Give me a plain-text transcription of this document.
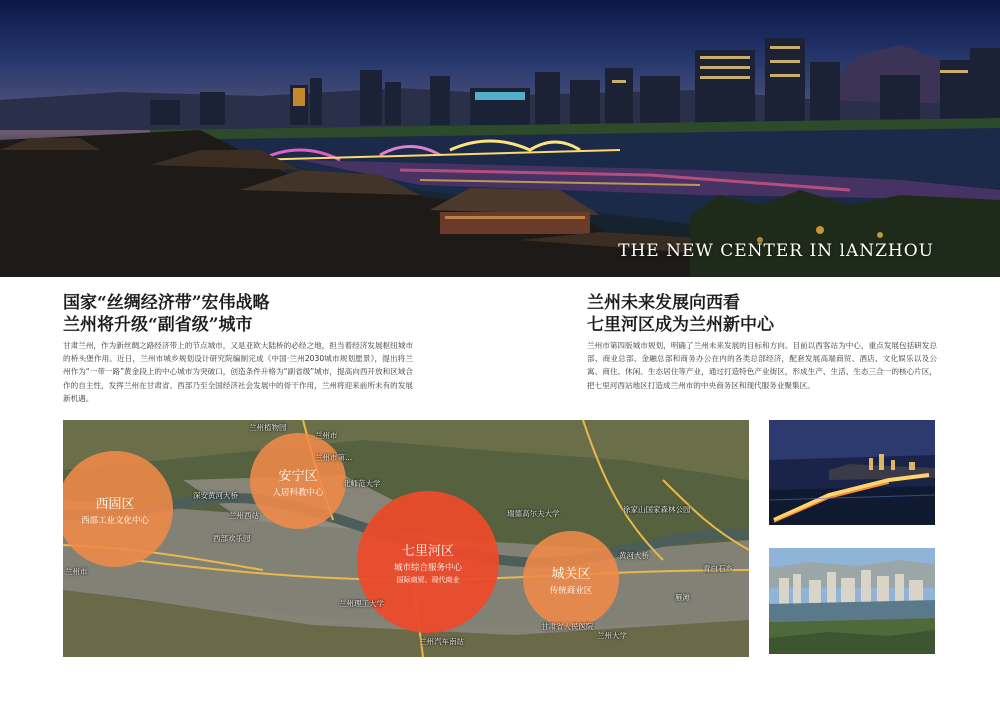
THE NEW CENTER IN lANZHOU
国家“丝绸经济带”宏伟战略
兰州将升级“副省级”城市
甘肃兰州，作为新丝绸之路经济带上的节点城市，又是亚欧大陆桥的必经之地，担当着经济发展枢纽城市的桥头堡作用。近日，兰州市城乡规划设计研究院编制完成《中国·兰州2030城市规划愿景》，提出将兰州作为“一带一路”黄金段上的中心城市为突破口，创造条件升格为“副省级”城市，提高向西开放和区域合作的自主性，发挥兰州在甘肃省、西部乃至全国经济社会发展中的骨干作用，兰州将迎来前所未有的发展新机遇。
兰州未来发展向西看
七里河区成为兰州新中心
兰州市第四版城市规划，明确了兰州未来发展的目标和方向。目前以西客站为中心，重点发展包括研发总部、商业总部、金融总部和商务办公在内的各类总部经济，配套发展高端商贸、酒店、文化娱乐以及公寓、商住、休闲、生态居住等产业，通过打造特色产业街区，形成生产、生活、生态三合一的核心片区，把七里河西站地区打造成兰州市的中央商务区和现代服务业聚集区。
西固区
西部工业文化中心
安宁区
人居科教中心
七里河区
城市综合服务中心
国际商贸、现代商业	城关区
传统商业区
兰州植物园
兰州市
兰州市第...
深安黄河大桥
北师范大学
瑞德高尔夫大学	徐家山国家森林公园
黄河大桥
青白石乡
兰州西站
西部欢乐园
兰州理工大学
兰州大学
兰州汽车南站
甘肃省人民医院
雁滩
兰州市
